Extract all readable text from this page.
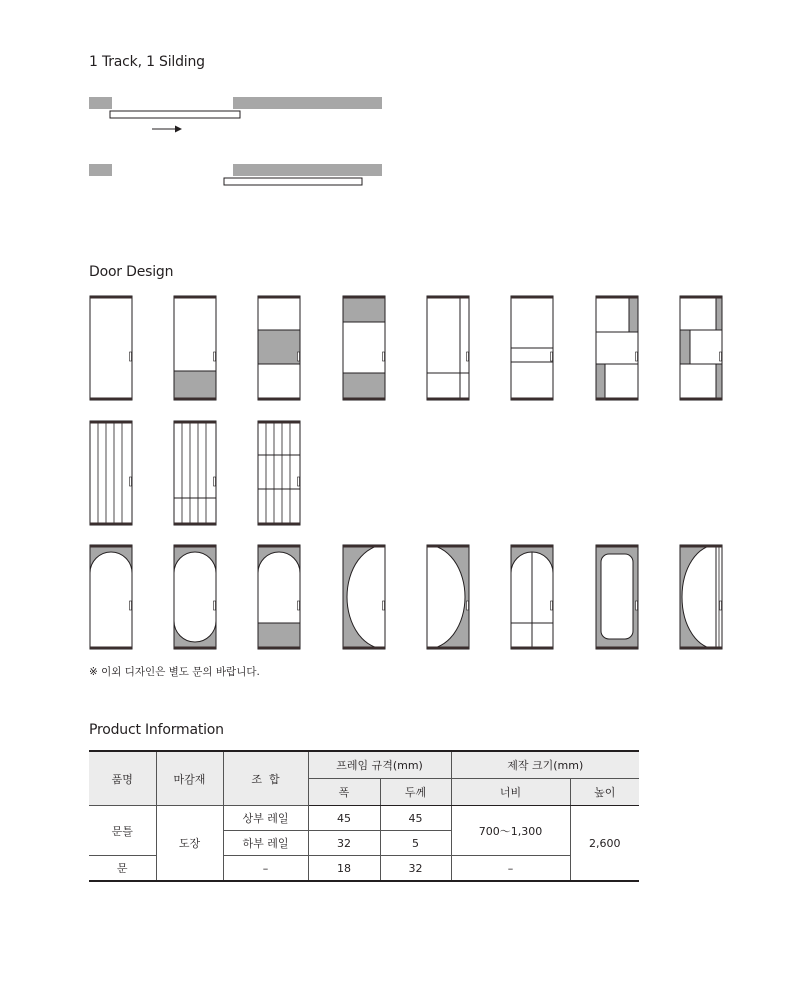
1 Track, 1 Silding
Door Design
※ 이외 디자인은 별도 문의 바랍니다.
Product Information
품명	마감재	조  합	프레임 규격(mm)		제작 크기(mm)	
			폭	두께	너비	높이
문틀	도장	상부 레일	45	45	700～1,300	2,600
		하부 레일	32	5		
문		–	18	32	–	
